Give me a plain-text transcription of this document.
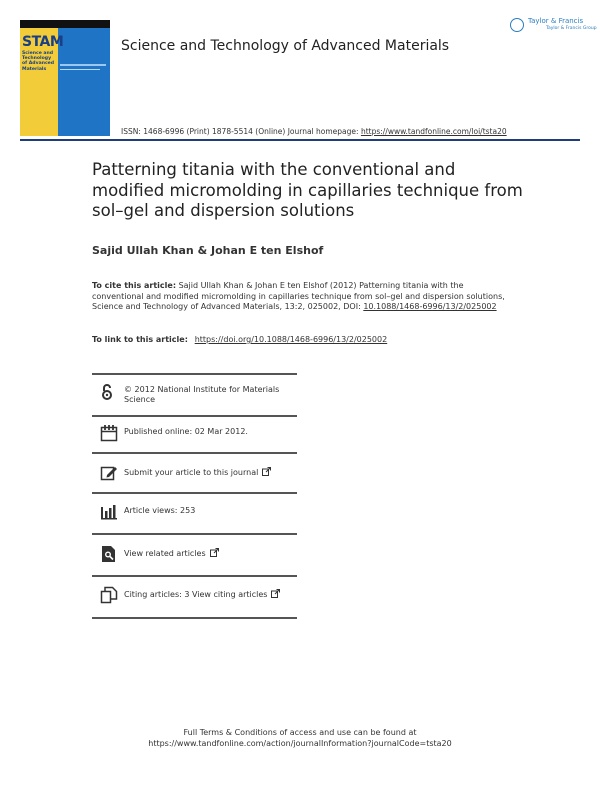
STAM
Science and Technology of Advanced Materials
Science and Technology of Advanced Materials
Taylor & Francis
Taylor & Francis Group
ISSN: 1468-6996 (Print) 1878-5514 (Online) Journal homepage: https://www.tandfonline.com/loi/tsta20
Patterning titania with the conventional and modified micromolding in capillaries technique from sol–gel and dispersion solutions
Sajid Ullah Khan & Johan E ten Elshof
To cite this article: Sajid Ullah Khan & Johan E ten Elshof (2012) Patterning titania with the conventional and modified micromolding in capillaries technique from sol–gel and dispersion solutions, Science and Technology of Advanced Materials, 13:2, 025002, DOI: 10.1088/1468-6996/13/2/025002
To link to this article: https://doi.org/10.1088/1468-6996/13/2/025002
© 2012 National Institute for Materials
Science
Published online: 02 Mar 2012.
Submit your article to this journal
Article views: 253
View related articles
Citing articles: 3 View citing articles
Full Terms & Conditions of access and use can be found at
https://www.tandfonline.com/action/journalInformation?journalCode=tsta20
